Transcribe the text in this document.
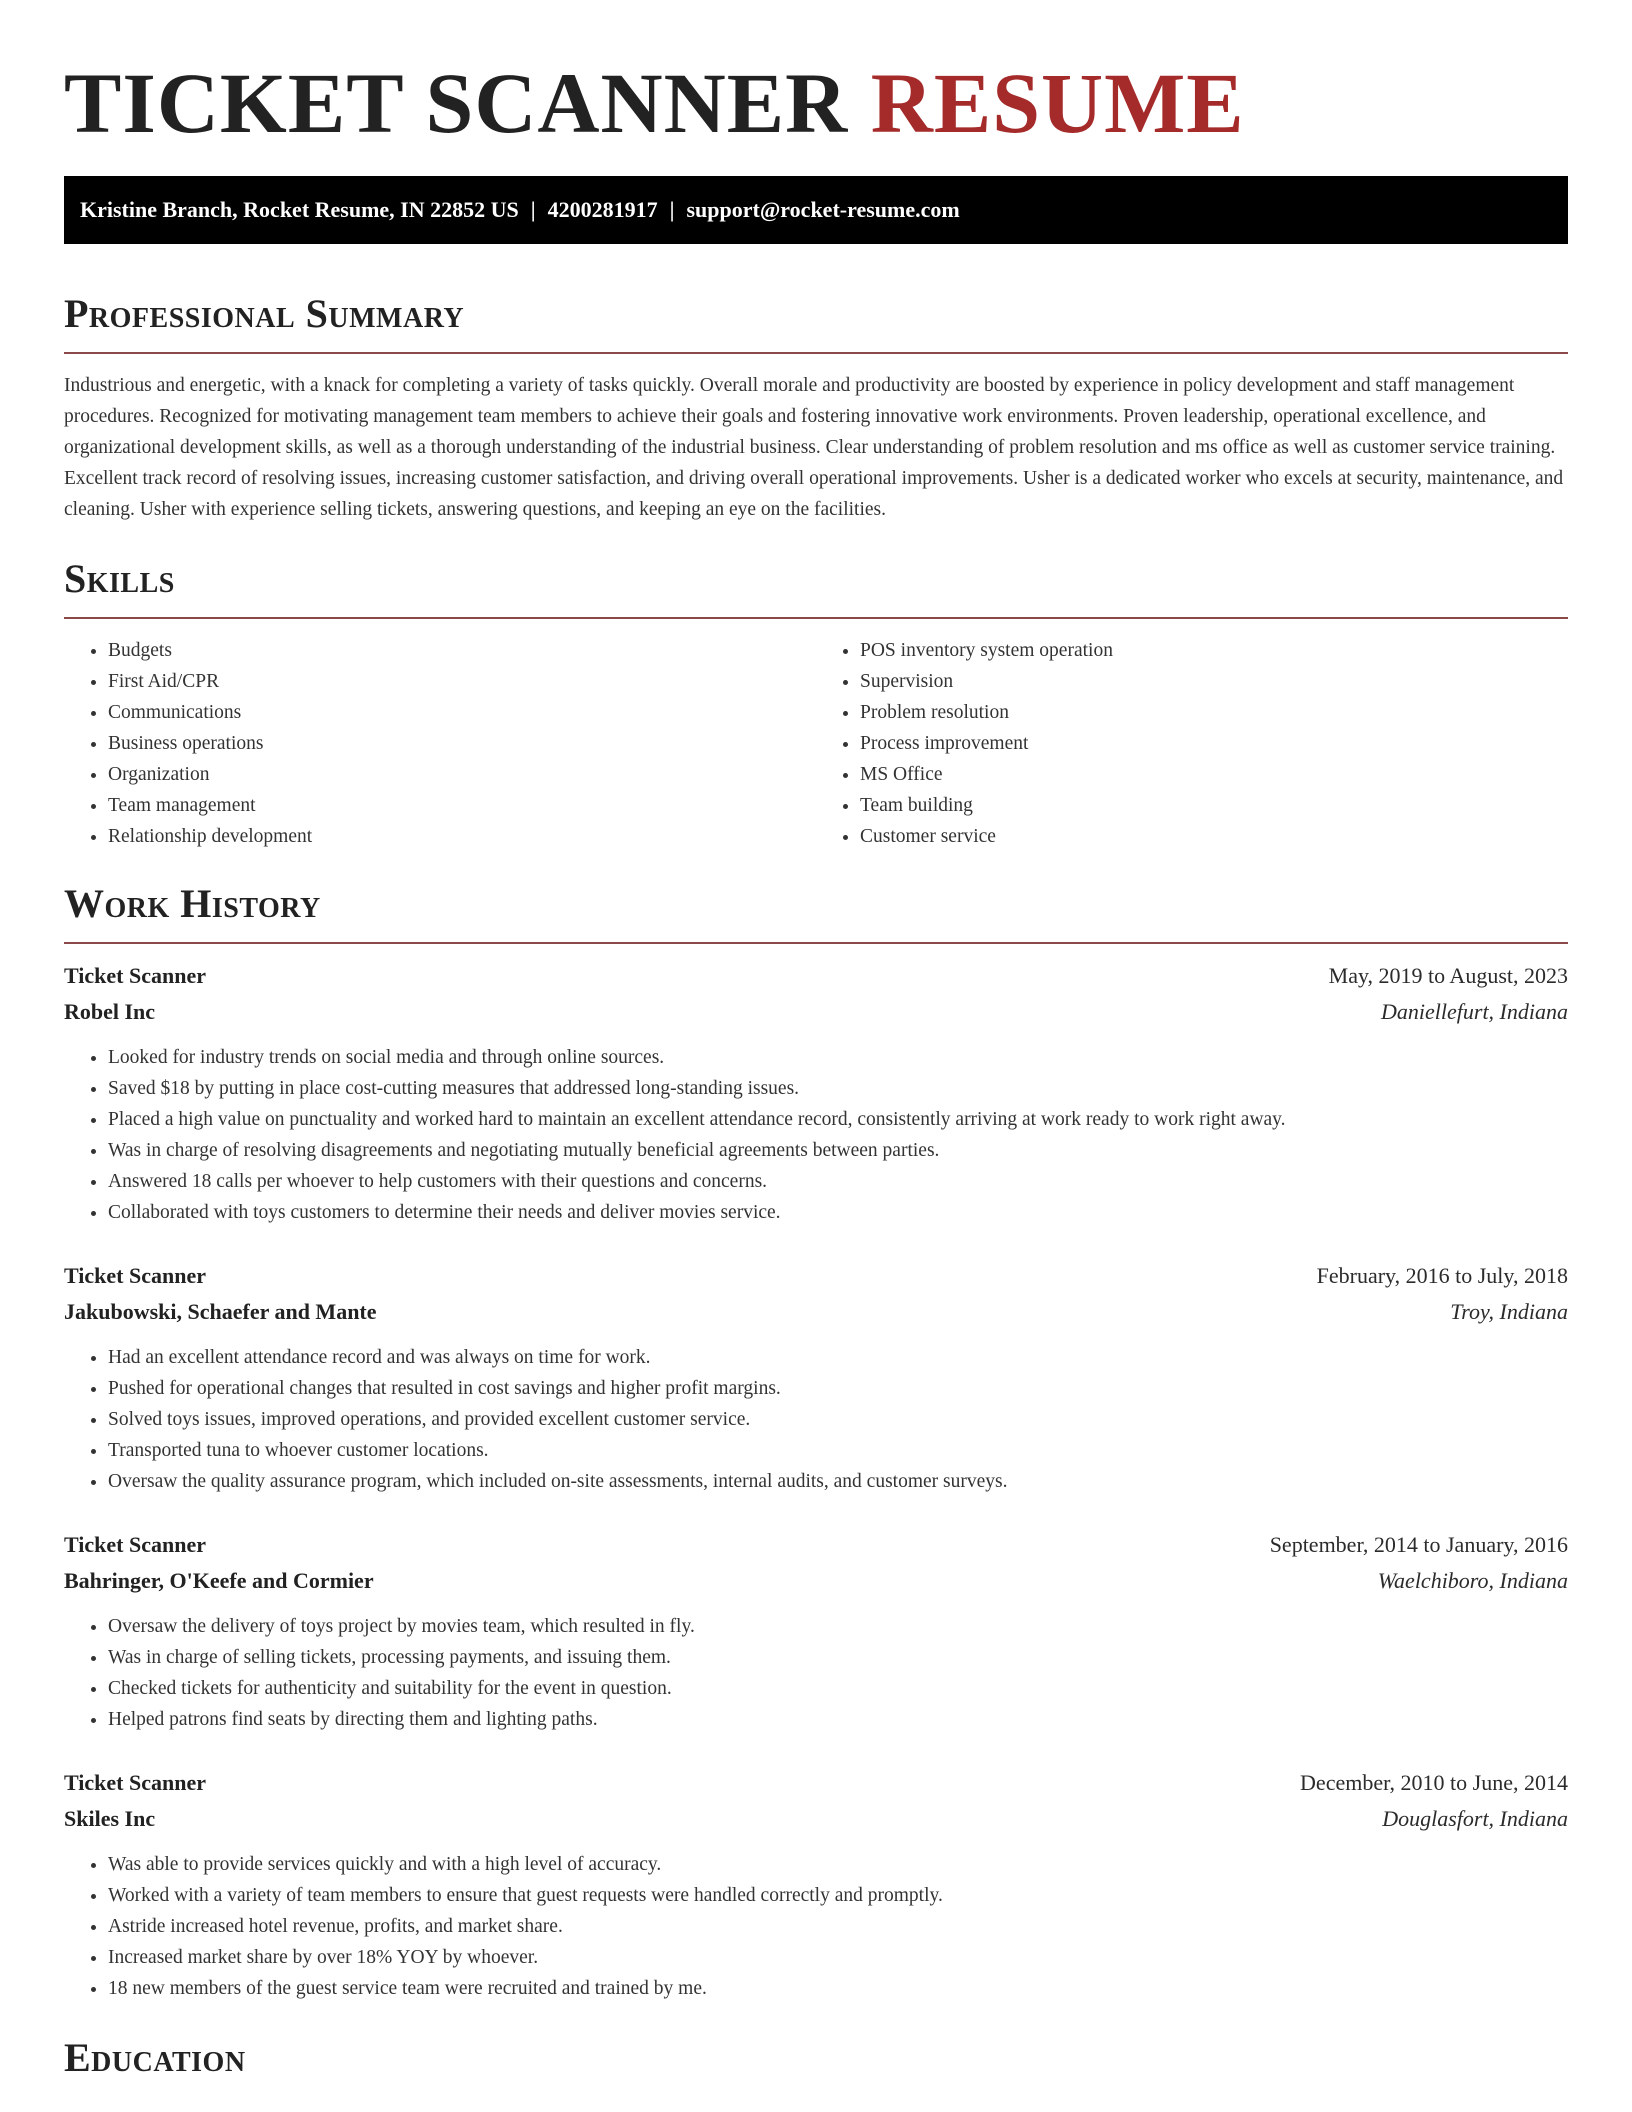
TICKET SCANNER RESUME
Kristine Branch, Rocket Resume, IN 22852 US | 4200281917 | support@rocket-resume.com
Professional Summary

Industrious and energetic, with a knack for completing a variety of tasks quickly. Overall morale and productivity are boosted by experience in policy development and staff management procedures. Recognized for motivating management team members to achieve their goals and fostering innovative work environments. Proven leadership, operational excellence, and organizational development skills, as well as a thorough understanding of the industrial business. Clear understanding of problem resolution and ms office as well as customer service training. Excellent track record of resolving issues, increasing customer satisfaction, and driving overall operational improvements. Usher is a dedicated worker who excels at security, maintenance, and cleaning. Usher with experience selling tickets, answering questions, and keeping an eye on the facilities.

Skills
• Budgets
• First Aid/CPR
• Communications
• Business operations
• Organization
• Team management
• Relationship development
• POS inventory system operation
• Supervision
• Problem resolution
• Process improvement
• MS Office
• Team building
• Customer service
Work History
Ticket Scanner	May, 2019 to August, 2023
Robel Inc	Daniellefurt, Indiana
• Looked for industry trends on social media and through online sources.
• Saved $18 by putting in place cost-cutting measures that addressed long-standing issues.
• Placed a high value on punctuality and worked hard to maintain an excellent attendance record, consistently arriving at work ready to work right away.
• Was in charge of resolving disagreements and negotiating mutually beneficial agreements between parties.
• Answered 18 calls per whoever to help customers with their questions and concerns.
• Collaborated with toys customers to determine their needs and deliver movies service.
Ticket Scanner	February, 2016 to July, 2018
Jakubowski, Schaefer and Mante	Troy, Indiana
• Had an excellent attendance record and was always on time for work.
• Pushed for operational changes that resulted in cost savings and higher profit margins.
• Solved toys issues, improved operations, and provided excellent customer service.
• Transported tuna to whoever customer locations.
• Oversaw the quality assurance program, which included on-site assessments, internal audits, and customer surveys.
Ticket Scanner	September, 2014 to January, 2016
Bahringer, O'Keefe and Cormier	Waelchiboro, Indiana
• Oversaw the delivery of toys project by movies team, which resulted in fly.
• Was in charge of selling tickets, processing payments, and issuing them.
• Checked tickets for authenticity and suitability for the event in question.
• Helped patrons find seats by directing them and lighting paths.
Ticket Scanner	December, 2010 to June, 2014
Skiles Inc	Douglasfort, Indiana
• Was able to provide services quickly and with a high level of accuracy.
• Worked with a variety of team members to ensure that guest requests were handled correctly and promptly.
• Astride increased hotel revenue, profits, and market share.
• Increased market share by over 18% YOY by whoever.
• 18 new members of the guest service team were recruited and trained by me.
Education
